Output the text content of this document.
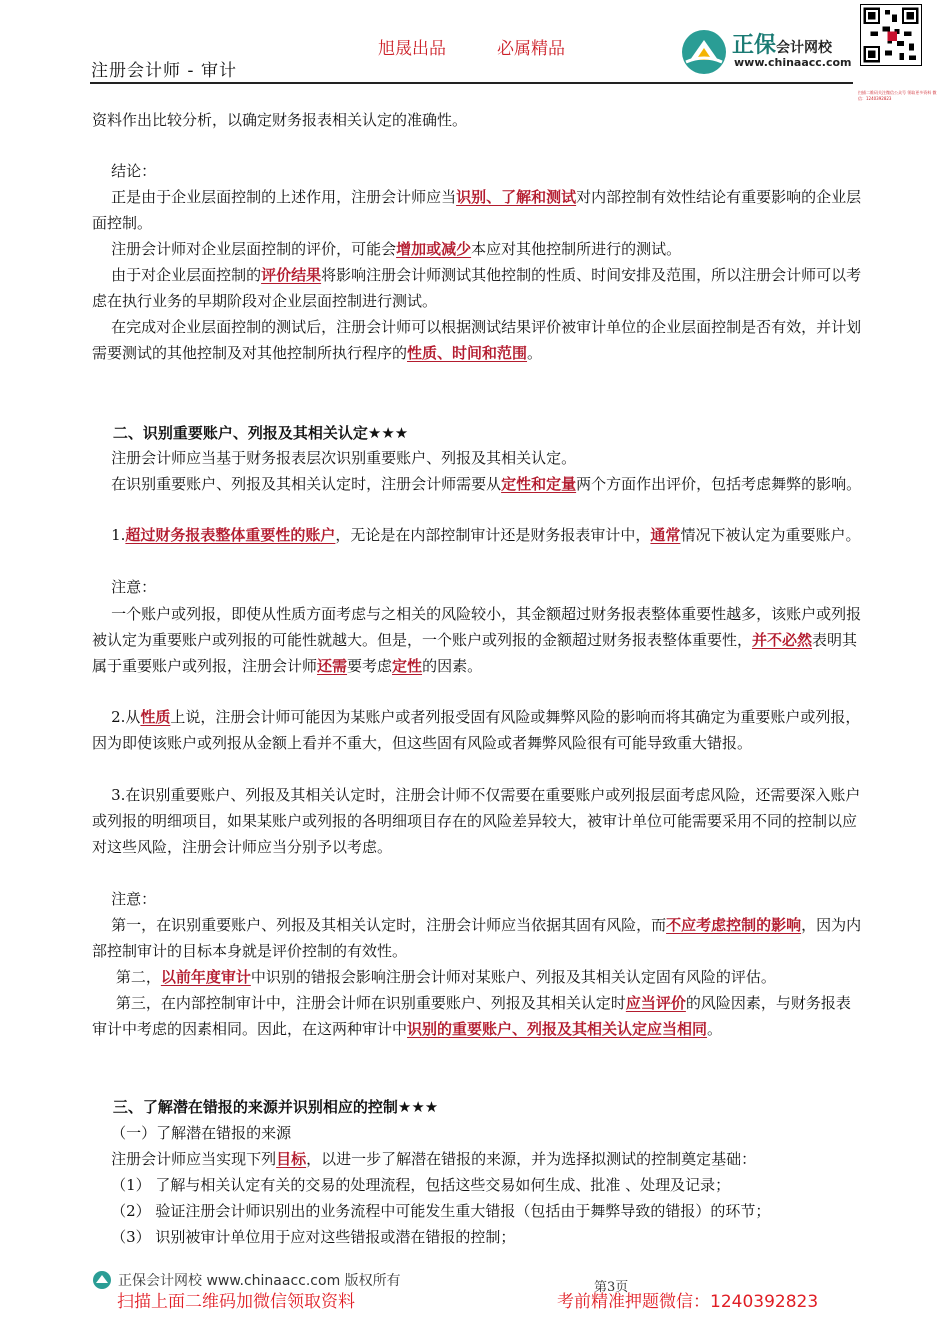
旭晟出品	必属精品
注册会计师 - 审计
正保会计网校
www.chinaacc.com
扫描二维码关注微信公众号 领取更多资料 微信：1240392823
资料作出比较分析，以确定财务报表相关认定的准确性。
结论：
正是由于企业层面控制的上述作用，注册会计师应当识别、了解和测试对内部控制有效性结论有重要影响的企业层面控制。
注册会计师对企业层面控制的评价，可能会增加或减少本应对其他控制所进行的测试。
由于对企业层面控制的评价结果将影响注册会计师测试其他控制的性质、时间安排及范围，所以注册会计师可以考虑在执行业务的早期阶段对企业层面控制进行测试。
在完成对企业层面控制的测试后，注册会计师可以根据测试结果评价被审计单位的企业层面控制是否有效，并计划需要测试的其他控制及对其他控制所执行程序的性质、时间和范围。
二、识别重要账户、列报及其相关认定★★★
注册会计师应当基于财务报表层次识别重要账户、列报及其相关认定。
在识别重要账户、列报及其相关认定时，注册会计师需要从定性和定量两个方面作出评价，包括考虑舞弊的影响。
1.超过财务报表整体重要性的账户，无论是在内部控制审计还是财务报表审计中，通常情况下被认定为重要账户。
注意：
一个账户或列报，即使从性质方面考虑与之相关的风险较小，其金额超过财务报表整体重要性越多，该账户或列报被认定为重要账户或列报的可能性就越大。但是，一个账户或列报的金额超过财务报表整体重要性，并不必然表明其属于重要账户或列报，注册会计师还需要考虑定性的因素。
2.从性质上说，注册会计师可能因为某账户或者列报受固有风险或舞弊风险的影响而将其确定为重要账户或列报，因为即使该账户或列报从金额上看并不重大，但这些固有风险或者舞弊风险很有可能导致重大错报。
3.在识别重要账户、列报及其相关认定时，注册会计师不仅需要在重要账户或列报层面考虑风险，还需要深入账户或列报的明细项目，如果某账户或列报的各明细项目存在的风险差异较大，被审计单位可能需要采用不同的控制以应对这些风险，注册会计师应当分别予以考虑。
注意：
第一，在识别重要账户、列报及其相关认定时，注册会计师应当依据其固有风险，而不应考虑控制的影响，因为内部控制审计的目标本身就是评价控制的有效性。
第二，以前年度审计中识别的错报会影响注册会计师对某账户、列报及其相关认定固有风险的评估。
第三，在内部控制审计中，注册会计师在识别重要账户、列报及其相关认定时应当评价的风险因素，与财务报表审计中考虑的因素相同。因此，在这两种审计中识别的重要账户、列报及其相关认定应当相同。
三、了解潜在错报的来源并识别相应的控制★★★
（一）了解潜在错报的来源
注册会计师应当实现下列目标，以进一步了解潜在错报的来源，并为选择拟测试的控制奠定基础：
（1） 了解与相关认定有关的交易的处理流程，包括这些交易如何生成、批准 、处理及记录；
（2） 验证注册会计师识别出的业务流程中可能发生重大错报（包括由于舞弊导致的错报）的环节；
（3） 识别被审计单位用于应对这些错报或潜在错报的控制；
正保会计网校 www.chinaacc.com 版权所有	第3页
扫描上面二维码加微信领取资料	考前精准押题微信：1240392823
